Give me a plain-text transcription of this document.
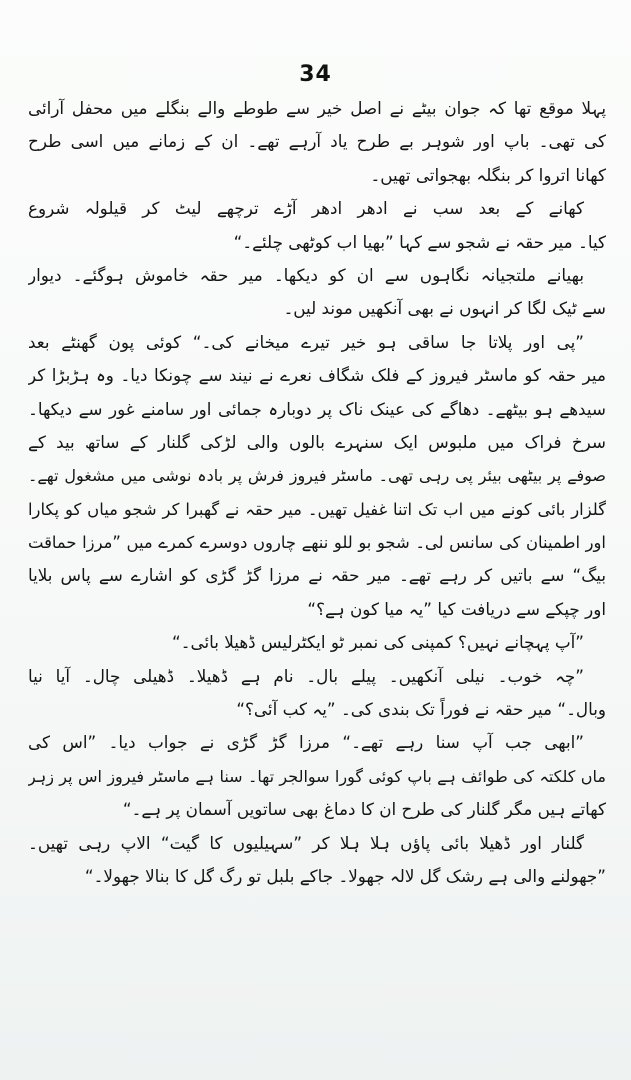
34
پہلا موقع تھا کہ جوان بیٹے نے اصل خیر سے طوطے والے بنگلے میں محفل آرائی
کی تھی۔ باپ اور شوہر بے طرح یاد آرہے تھے۔ ان کے زمانے میں اسی طرح
کھانا اتروا کر بنگلہ بھجواتی تھیں۔
کھانے کے بعد سب نے ادھر ادھر آڑے ترچھے لیٹ کر قیلولہ شروع
کیا۔ میر حقہ نے شجو سے کہا ”بھیا اب کوٹھی چلئے۔“
بھیانے ملتجیانہ نگاہوں سے ان کو دیکھا۔ میر حقہ خاموش ہوگئے۔ دیوار
سے ٹیک لگا کر انہوں نے بھی آنکھیں موند لیں۔
”پی اور پلاتا جا ساقی ہو خیر تیرے میخانے کی۔“ کوئی پون گھنٹے بعد
میر حقہ کو ماسٹر فیروز کے فلک شگاف نعرے نے نیند سے چونکا دیا۔ وہ ہڑبڑا کر
سیدھے ہو بیٹھے۔ دھاگے کی عینک ناک پر دوبارہ جمائی اور سامنے غور سے دیکھا۔
سرخ فراک میں ملبوس ایک سنہرے بالوں والی لڑکی گلنار کے ساتھ بید کے
صوفے پر بیٹھی بیئر پی رہی تھی۔ ماسٹر فیروز فرش پر بادہ نوشی میں مشغول تھے۔
گلزار بائی کونے میں اب تک اتنا غفیل تھیں۔ میر حقہ نے گھبرا کر شجو میاں کو پکارا
اور اطمینان کی سانس لی۔ شجو بو للو ننھے چاروں دوسرے کمرے میں ”مرزا حماقت
بیگ“ سے باتیں کر رہے تھے۔ میر حقہ نے مرزا گڑ گڑی کو اشارے سے پاس بلایا
اور چپکے سے دریافت کیا ”یہ میا کون ہے؟“
”آپ پہچانے نہیں؟ کمپنی کی نمبر ٹو ایکٹرلیس ڈھیلا بائی۔“
”چہ خوب۔ نیلی آنکھیں۔ پیلے بال۔ نام ہے ڈھیلا۔ ڈھیلی چال۔ آیا نیا
وبال۔“ میر حقہ نے فوراً تک بندی کی۔ ”یہ کب آئی؟“
”ابھی جب آپ سنا رہے تھے۔“ مرزا گڑ گڑی نے جواب دیا۔ ”اس کی
ماں کلکتہ کی طوائف ہے باپ کوئی گورا سوالجر تھا۔ سنا ہے ماسٹر فیروز اس پر زہر
کھاتے ہیں مگر گلنار کی طرح ان کا دماغ بھی ساتویں آسمان پر ہے۔“
گلنار اور ڈھیلا بائی پاؤں ہلا ہلا کر ”سہیلیوں کا گیت“ الاپ رہی تھیں۔
”جھولنے والی ہے رشک گل لالہ جھولا۔ جاکے بلبل تو رگ گل کا بنالا جھولا۔“
